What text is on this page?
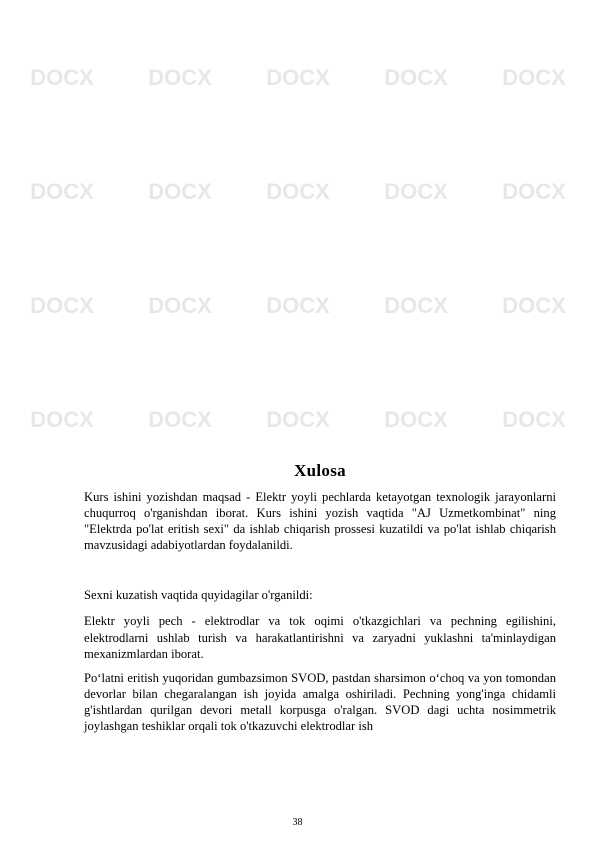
DOCX DOCX DOCX DOCX DOCX
DOCX DOCX DOCX DOCX DOCX
DOCX DOCX DOCX DOCX DOCX
DOCX DOCX DOCX DOCX DOCX
Xulosa

Kurs ishini yozishdan maqsad - Elektr yoyli pechlarda ketayotgan texnologik jarayonlarni chuqurroq o'rganishdan iborat. Kurs ishini yozish vaqtida "AJ Uzmetkombinat" ning "Elektrda po'lat eritish sexi" da ishlab chiqarish prossesi kuzatildi va po'lat ishlab chiqarish mavzusidagi adabiyotlardan foydalanildi.

Sexni kuzatish vaqtida quyidagilar o'rganildi:

Elektr yoyli pech - elektrodlar va tok oqimi o'tkazgichlari va pechning egilishini, elektrodlarni ushlab turish va harakatlantirishni va zaryadni yuklashni ta'minlaydigan mexanizmlardan iborat.

Po‘latni eritish yuqoridan gumbazsimon SVOD, pastdan sharsimon o‘choq va yon tomondan devorlar bilan chegaralangan ish joyida amalga oshiriladi. Pechning yong'inga chidamli g'ishtlardan qurilgan devori metall korpusga o'ralgan. SVOD dagi uchta nosimmetrik joylashgan teshiklar orqali tok o'tkazuvchi elektrodlar ish

38
